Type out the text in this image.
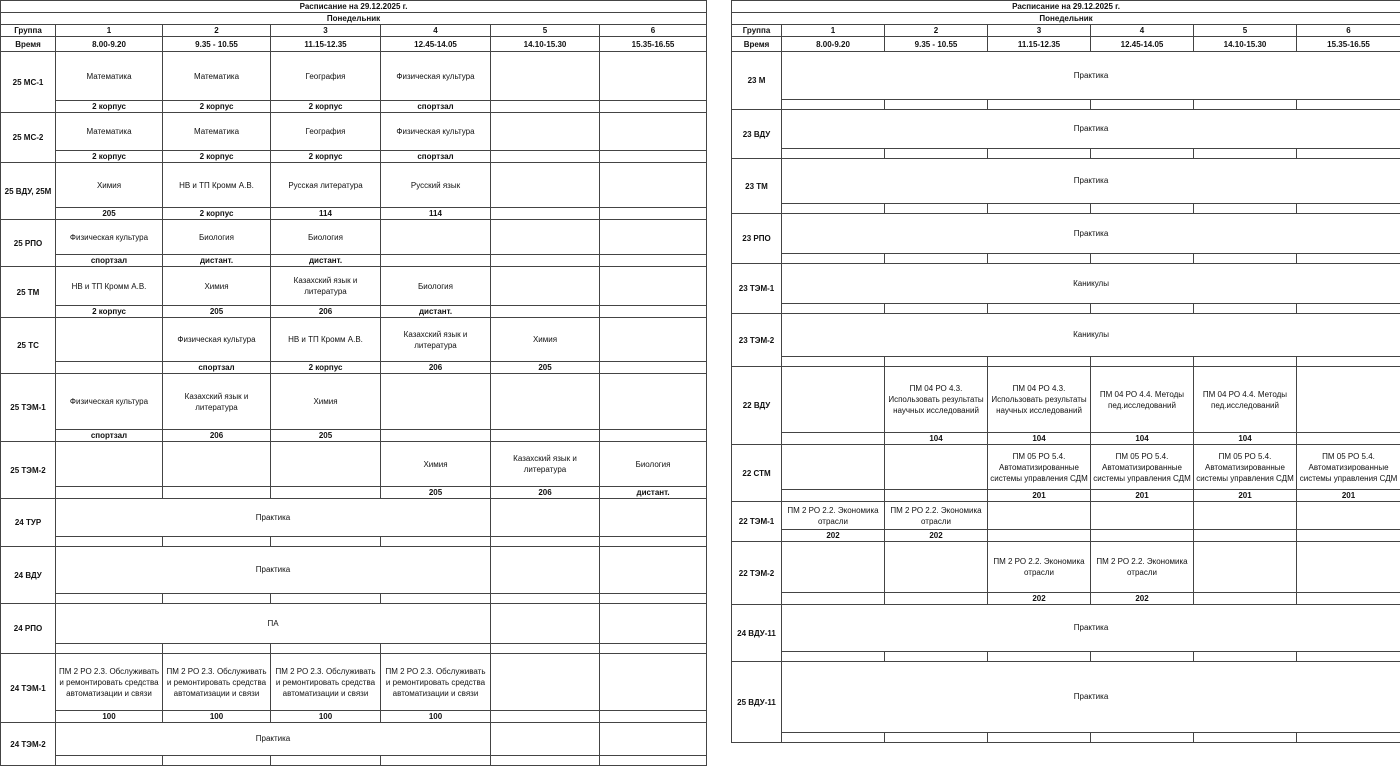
Расписание на 29.12.2025 г.						
Понедельник						
Группа	1	2	3	4	5	6
Время	8.00-9.20	9.35 - 10.55	11.15-12.35	12.45-14.05	14.10-15.30	15.35-16.55
25 МС-1	Математика	Математика	География	Физическая культура		
	2 корпус	2 корпус	2 корпус	спортзал		
25 МС-2	Математика	Математика	География	Физическая культура		
	2 корпус	2 корпус	2 корпус	спортзал		
25 ВДУ, 25М	Химия	НВ и ТП Кромм А.В.	Русская литература	Русский язык		
	205	2 корпус	114	114		
25 РПО	Физическая культура	Биология	Биология			
	спортзал	дистант.	дистант.			
25 ТМ	НВ и ТП Кромм А.В.	Химия	Казахский язык и литература	Биология		
	2 корпус	205	206	дистант.		
25 ТС		Физическая культура	НВ и ТП Кромм А.В.	Казахский язык и литература	Химия	
		спортзал	2 корпус	206	205	
25 ТЭМ-1	Физическая культура	Казахский язык и литература	Химия			
	спортзал	206	205			
25 ТЭМ-2				Химия	Казахский язык и литература	Биология
				205	206	дистант.
24 ТУР	Практика					

24 ВДУ	Практика					

24 РПО	ПА					

24 ТЭМ-1	ПМ 2 РО 2.3. Обслуживать и ремонтировать средства автоматизации и связи	ПМ 2 РО 2.3. Обслуживать и ремонтировать средства автоматизации и связи	ПМ 2 РО 2.3. Обслуживать и ремонтировать средства автоматизации и связи	ПМ 2 РО 2.3. Обслуживать и ремонтировать средства автоматизации и связи		
	100	100	100	100		
24 ТЭМ-2	Практика					

Расписание на 29.12.2025 г.						
Понедельник						
Группа	1	2	3	4	5	6
Время	8.00-9.20	9.35 - 10.55	11.15-12.35	12.45-14.05	14.10-15.30	15.35-16.55
23 М	Практика					

23 ВДУ	Практика					

23 ТМ	Практика					

23 РПО	Практика					

23 ТЭМ-1	Каникулы					

23 ТЭМ-2	Каникулы					

22 ВДУ		ПМ 04 РО 4.3. Использовать результаты научных исследований	ПМ 04 РО 4.3. Использовать результаты научных исследований	ПМ 04 РО 4.4. Методы пед.исследований	ПМ 04 РО 4.4. Методы пед.исследований	
		104	104	104	104	
22 СТМ			ПМ 05 РО 5.4. Автоматизированные системы управления СДМ	ПМ 05 РО 5.4. Автоматизированные системы управления СДМ	ПМ 05 РО 5.4. Автоматизированные системы управления СДМ	ПМ 05 РО 5.4. Автоматизированные системы управления СДМ
			201	201	201	201
22 ТЭМ-1	ПМ 2 РО 2.2. Экономика отрасли	ПМ 2 РО 2.2. Экономика отрасли				
	202	202				
22 ТЭМ-2			ПМ 2 РО 2.2. Экономика отрасли	ПМ 2 РО 2.2. Экономика отрасли		
			202	202		
24 ВДУ-11	Практика					

25 ВДУ-11	Практика					
